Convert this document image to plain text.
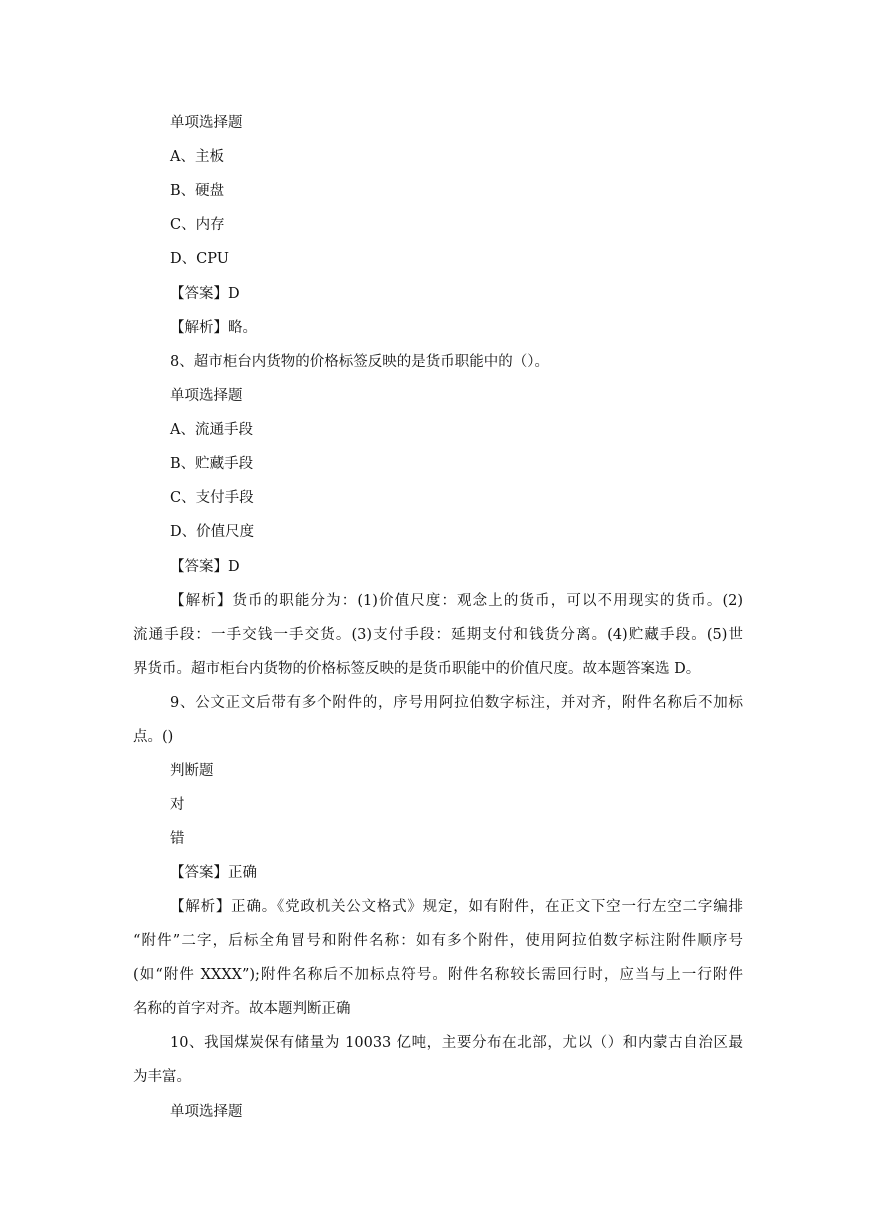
单项选择题
A、主板
B、硬盘
C、内存
D、CPU
【答案】D
【解析】略。
8、超市柜台内货物的价格标签反映的是货币职能中的（）。
单项选择题
A、流通手段
B、贮藏手段
C、支付手段
D、价值尺度
【答案】D
【解析】货币的职能分为：(1)价值尺度：观念上的货币，可以不用现实的货币。(2)
流通手段：一手交钱一手交货。(3)支付手段：延期支付和钱货分离。(4)贮藏手段。(5)世
界货币。超市柜台内货物的价格标签反映的是货币职能中的价值尺度。故本题答案选 D。
9、公文正文后带有多个附件的，序号用阿拉伯数字标注，并对齐，附件名称后不加标
点。()
判断题
对
错
【答案】正确
【解析】正确。《党政机关公文格式》规定，如有附件，在正文下空一行左空二字编排
“附件”二字，后标全角冒号和附件名称：如有多个附件，使用阿拉伯数字标注附件顺序号
(如“附件 XXXX”);附件名称后不加标点符号。附件名称较长需回行时，应当与上一行附件
名称的首字对齐。故本题判断正确
10、我国煤炭保有储量为 10033 亿吨，主要分布在北部，尤以（）和内蒙古自治区最
为丰富。
单项选择题
